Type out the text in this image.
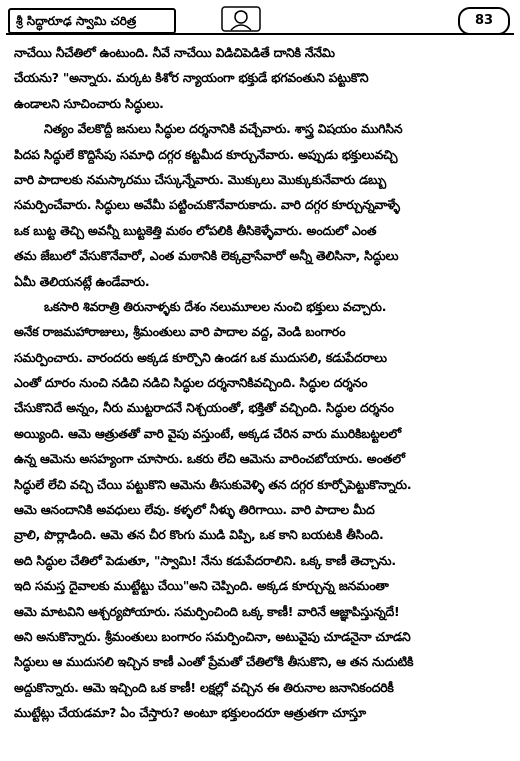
శ్రీ సిద్ధారూఢ స్వామి చరిత్ర	83
నాచేయి నీచేతిలో ఉంటుంది. నీవే నాచేయి విడిచిపెడితే దానికి నేనేమి
చేయను? "అన్నారు. మర్కట కిశోర న్యాయంగా భక్తుడే భగవంతుని పట్టుకొని
ఉండాలని సూచించారు సిద్ధులు.
నిత్యం వేలకొద్దీ జనులు సిద్ధుల దర్శనానికి వచ్చేవారు. శాస్త్ర విషయం ముగిసిన
పిదప సిద్ధులే కొద్దిసేపు సమాధి దగ్గర కట్టమీద కూర్చునేవారు. అప్పుడు భక్తులువచ్చి
వారి పాదాలకు నమస్కారము చేస్కున్నేవారు. మొక్కులు మొక్కుకునేవారు డబ్బు
సమర్పించేవారు. సిద్ధులు అవేమీ పట్టించుకొనేవారుకాదు. వారి దగ్గర కూర్చున్నవాళ్ళే
ఒక బుట్ట తెచ్చి అవన్నీ బుట్టకెత్తి మఠం లోపలికి తీసికెళ్ళేవారు. అందులో ఎంత
తమ జేబులో వేసుకొనేవారో, ఎంత మఠానికి లెక్కవ్రాసేవారో అన్నీ తెలిసినా, సిద్ధులు
ఏమీ తెలియనట్లే ఉండేవారు.
ఒకసారి శివరాత్రి తిరునాళ్ళకు దేశం నలుమూలల నుంచి భక్తులు వచ్చారు.
అనేక రాజమహారాజులు, శ్రీమంతులు వారి పాదాల వద్ద, వెండి బంగారం
సమర్పించారు. వారందరు అక్కడ కూర్చొని ఉండగ ఒక ముదుసలి, కడుపేదరాలు
ఎంతో దూరం నుంచి నడిచి నడిచి సిద్ధుల దర్శనానికివచ్చింది. సిద్ధుల దర్శనం
చేసుకొనిదే అన్నం, నీరు ముట్టరాదనే నిశ్చయంతో, భక్తితో వచ్చింది. సిద్ధుల దర్శనం
అయ్యింది. ఆమె ఆత్రుతతో వారి వైపు వస్తుంటే, అక్కడ చేరిన వారు మురికిబట్టలలో
ఉన్న ఆమెను అసహ్యంగా చూసారు. ఒకరు లేచి ఆమెను వారించబోయారు. అంతలో
సిద్ధులే లేచి వచ్చి చేయి పట్టుకొని ఆమెను తీసుకువెళ్ళి తన దగ్గర కూర్చోపెట్టుకొన్నారు.
ఆమె ఆనందానికి అవధులు లేవు. కళ్ళలో నీళ్ళు తిరిగాయి. వారి పాదాల మీద
వ్రాలి, పొర్లాడింది. ఆమె తన చీర కొంగు ముడి విప్పి, ఒక కాని బయటకి తీసింది.
అది సిద్ధుల చేతిలో పెడుతూ, "స్వామి! నేను కడుపేదరాలిని. ఒక్క కాణీ తెచ్చాను.
ఇది సమస్త దైవాలకు ముట్టేట్టు చేయి"అని చెప్పింది. అక్కడ కూర్చున్న జనమంతా
ఆమె మాటవిని ఆశ్చర్యపోయారు. సమర్పించింది ఒక్క కాణీ! వారినే ఆజ్ఞాపిస్తున్నదే!
అని అనుకొన్నారు. శ్రీమంతులు బంగారం సమర్పించినా, అటువైపు చూడనైనా చూడని
సిద్ధులు ఆ ముదుసలి ఇచ్చిన కాణీ ఎంతో ప్రేమతో చేతిలోకి తీసుకొని, ఆ తన నుదుటికి
అద్దుకొన్నారు. ఆమె ఇచ్చింది ఒక కాణీ! లక్షల్లో వచ్చిన ఈ తిరునాల జనానికందరికీ
ముట్టేట్లు చేయడమా? ఏం చేస్తారు? అంటూ భక్తులందరూ ఆత్రుతగా చూస్తూ
